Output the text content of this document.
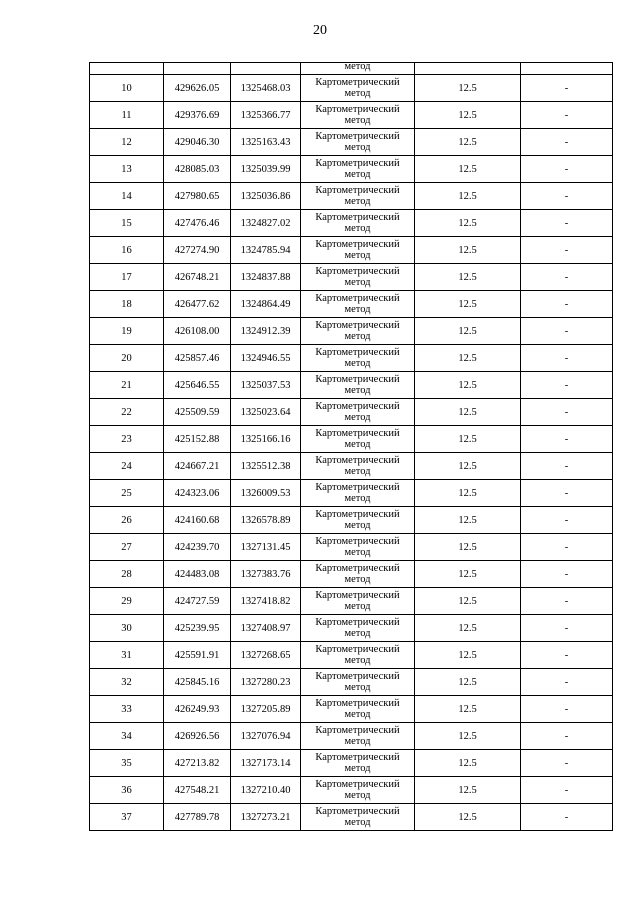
20

			метод		

10	429626.05	1325468.03	Картометрический
метод	12.5	-
11	429376.69	1325366.77	Картометрический
метод	12.5	-
12	429046.30	1325163.43	Картометрический
метод	12.5	-
13	428085.03	1325039.99	Картометрический
метод	12.5	-
14	427980.65	1325036.86	Картометрический
метод	12.5	-
15	427476.46	1324827.02	Картометрический
метод	12.5	-
16	427274.90	1324785.94	Картометрический
метод	12.5	-
17	426748.21	1324837.88	Картометрический
метод	12.5	-
18	426477.62	1324864.49	Картометрический
метод	12.5	-
19	426108.00	1324912.39	Картометрический
метод	12.5	-
20	425857.46	1324946.55	Картометрический
метод	12.5	-
21	425646.55	1325037.53	Картометрический
метод	12.5	-
22	425509.59	1325023.64	Картометрический
метод	12.5	-
23	425152.88	1325166.16	Картометрический
метод	12.5	-
24	424667.21	1325512.38	Картометрический
метод	12.5	-
25	424323.06	1326009.53	Картометрический
метод	12.5	-
26	424160.68	1326578.89	Картометрический
метод	12.5	-
27	424239.70	1327131.45	Картометрический
метод	12.5	-
28	424483.08	1327383.76	Картометрический
метод	12.5	-
29	424727.59	1327418.82	Картометрический
метод	12.5	-
30	425239.95	1327408.97	Картометрический
метод	12.5	-
31	425591.91	1327268.65	Картометрический
метод	12.5	-
32	425845.16	1327280.23	Картометрический
метод	12.5	-
33	426249.93	1327205.89	Картометрический
метод	12.5	-
34	426926.56	1327076.94	Картометрический
метод	12.5	-
35	427213.82	1327173.14	Картометрический
метод	12.5	-
36	427548.21	1327210.40	Картометрический
метод	12.5	-
37	427789.78	1327273.21	Картометрический
метод	12.5	-
